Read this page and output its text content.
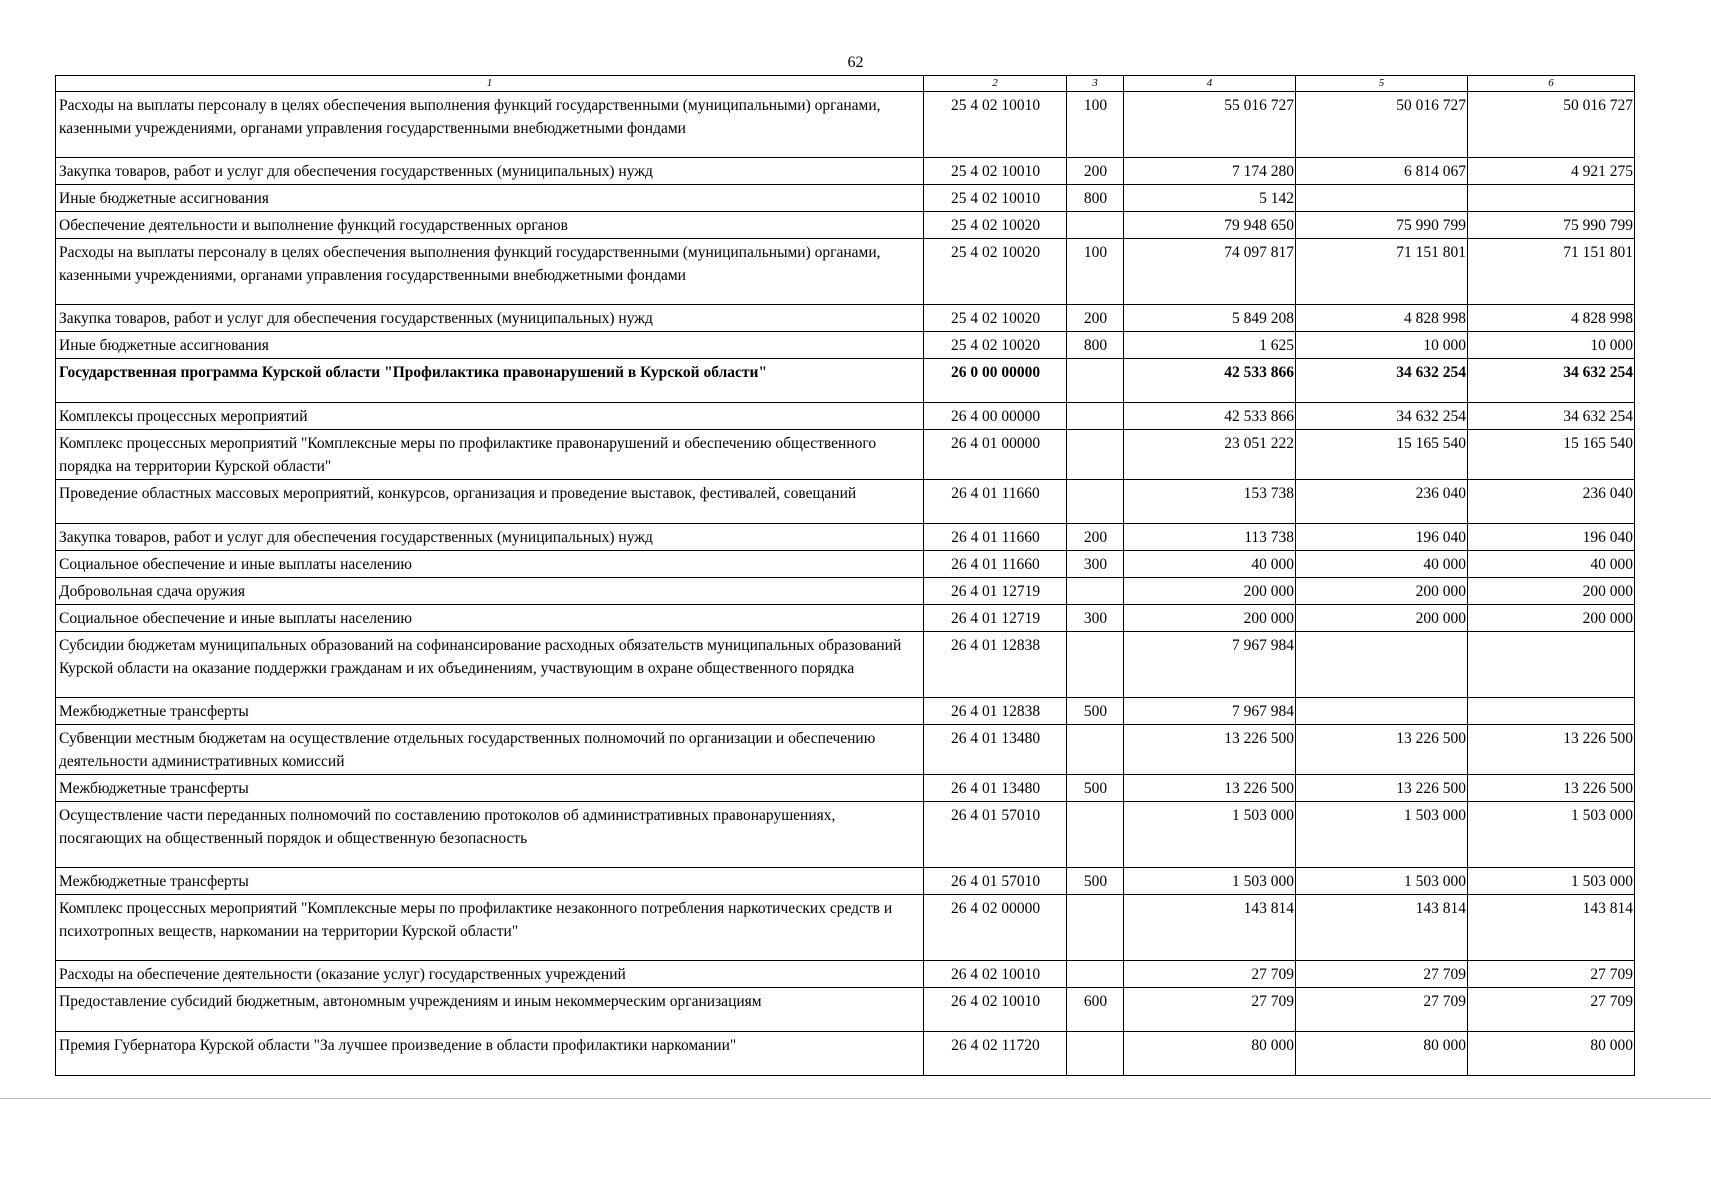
62
1	2	3	4	5	6
Расходы на выплаты персоналу в целях обеспечения выполнения функций государственными (муниципальными) органами, казенными учреждениями, органами управления государственными внебюджетными фондами	25 4 02 10010	100	55 016 727	50 016 727	50 016 727
Закупка товаров, работ и услуг для обеспечения государственных (муниципальных) нужд	25 4 02 10010	200	7 174 280	6 814 067	4 921 275
Иные бюджетные ассигнования	25 4 02 10010	800	5 142		
Обеспечение деятельности и выполнение функций государственных органов	25 4 02 10020		79 948 650	75 990 799	75 990 799
Расходы на выплаты персоналу в целях обеспечения выполнения функций государственными (муниципальными) органами, казенными учреждениями, органами управления государственными внебюджетными фондами	25 4 02 10020	100	74 097 817	71 151 801	71 151 801
Закупка товаров, работ и услуг для обеспечения государственных (муниципальных) нужд	25 4 02 10020	200	5 849 208	4 828 998	4 828 998
Иные бюджетные ассигнования	25 4 02 10020	800	1 625	10 000	10 000
Государственная программа Курской области "Профилактика правонарушений в Курской области"	26 0 00 00000		42 533 866	34 632 254	34 632 254
Комплексы процессных мероприятий	26 4 00 00000		42 533 866	34 632 254	34 632 254
Комплекс процессных мероприятий "Комплексные меры по профилактике правонарушений и обеспечению общественного порядка на территории Курской области"	26 4 01 00000		23 051 222	15 165 540	15 165 540
Проведение областных массовых мероприятий, конкурсов, организация и проведение выставок, фестивалей, совещаний	26 4 01 11660		153 738	236 040	236 040
Закупка товаров, работ и услуг для обеспечения государственных (муниципальных) нужд	26 4 01 11660	200	113 738	196 040	196 040
Социальное обеспечение и иные выплаты населению	26 4 01 11660	300	40 000	40 000	40 000
Добровольная сдача оружия	26 4 01 12719		200 000	200 000	200 000
Социальное обеспечение и иные выплаты населению	26 4 01 12719	300	200 000	200 000	200 000
Субсидии бюджетам муниципальных образований на софинансирование расходных обязательств муниципальных образований Курской области на оказание поддержки гражданам и их объединениям, участвующим в охране общественного порядка	26 4 01 12838		7 967 984		
Межбюджетные трансферты	26 4 01 12838	500	7 967 984		
Субвенции местным бюджетам на осуществление отдельных государственных полномочий по организации и обеспечению деятельности административных комиссий	26 4 01 13480		13 226 500	13 226 500	13 226 500
Межбюджетные трансферты	26 4 01 13480	500	13 226 500	13 226 500	13 226 500
Осуществление части переданных полномочий по составлению протоколов об административных правонарушениях, посягающих на общественный порядок и общественную безопасность	26 4 01 57010		1 503 000	1 503 000	1 503 000
Межбюджетные трансферты	26 4 01 57010	500	1 503 000	1 503 000	1 503 000
Комплекс процессных мероприятий "Комплексные меры по профилактике незаконного потребления наркотических средств и психотропных веществ, наркомании на территории Курской области"	26 4 02 00000		143 814	143 814	143 814
Расходы на обеспечение деятельности (оказание услуг) государственных учреждений	26 4 02 10010		27 709	27 709	27 709
Предоставление субсидий бюджетным, автономным учреждениям и иным некоммерческим организациям	26 4 02 10010	600	27 709	27 709	27 709
Премия Губернатора Курской области "За лучшее произведение в области профилактики наркомании"	26 4 02 11720		80 000	80 000	80 000
